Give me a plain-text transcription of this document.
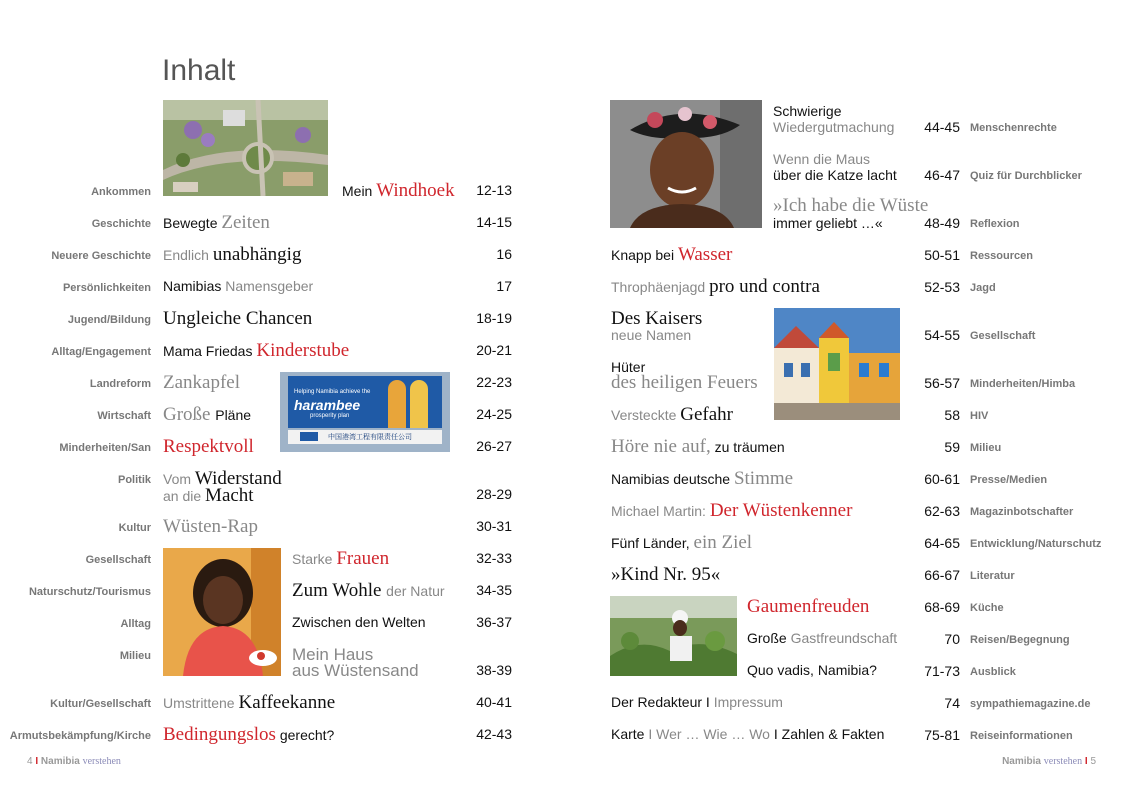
Inhalt
Helping Namibia achieve the
harambee
prosperity plan
中国港湾工程有限责任公司
Ankommen
Geschichte
Neuere Geschichte
Persönlichkeiten
Jugend/Bildung
Alltag/Engagement
Landreform
Wirtschaft
Minderheiten/San
Politik
Kultur
Gesellschaft
Naturschutz/Tourismus
Alltag
Milieu
Kultur/Gesellschaft
Armutsbekämpfung/Kirche
12-13
14-15
16
17
18-19
20-21
22-23
24-25
26-27
28-29
30-31
32-33
34-35
36-37
38-39
40-41
42-43
Mein Windhoek
Bewegte Zeiten
Endlich unabhängig
Namibias Namensgeber
Ungleiche Chancen
Mama Friedas Kinderstube
Zankapfel
Große Pläne
Respektvoll
Vom Widerstand
an die Macht
Wüsten-Rap
Starke Frauen
Zum Wohle der Natur
Zwischen den Welten
Mein Haus
aus Wüstensand
Umstrittene Kaffeekanne
Bedingungslos gerecht?
Menschenrechte
Quiz für Durchblicker
Reflexion
Ressourcen
Jagd
Gesellschaft
Minderheiten/Himba
HIV
Milieu
Presse/Medien
Magazinbotschafter
Entwicklung/Naturschutz
Literatur
Küche
Reisen/Begegnung
Ausblick
sympathiemagazine.de
Reiseinformationen
44-45
46-47
48-49
50-51
52-53
54-55
56-57
58
59
60-61
62-63
64-65
66-67
68-69
70
71-73
74
75-81
Schwierige
Wiedergutmachung
Wenn die Maus
über die Katze lacht
»Ich habe die Wüste
immer geliebt …«
Knapp bei Wasser
Throphäenjagd pro und contra
Des Kaisers
neue Namen
Hüter
des heiligen Feuers
Versteckte Gefahr
Höre nie auf, zu träumen
Namibias deutsche Stimme
Michael Martin: Der Wüstenkenner
Fünf Länder, ein Ziel
»Kind Nr. 95«
Gaumenfreuden
Große Gastfreundschaft
Quo vadis, Namibia?
Der Redakteur I Impressum
Karte I Wer … Wie … Wo I Zahlen & Fakten
4 I Namibia verstehen	Namibia verstehen I 5
